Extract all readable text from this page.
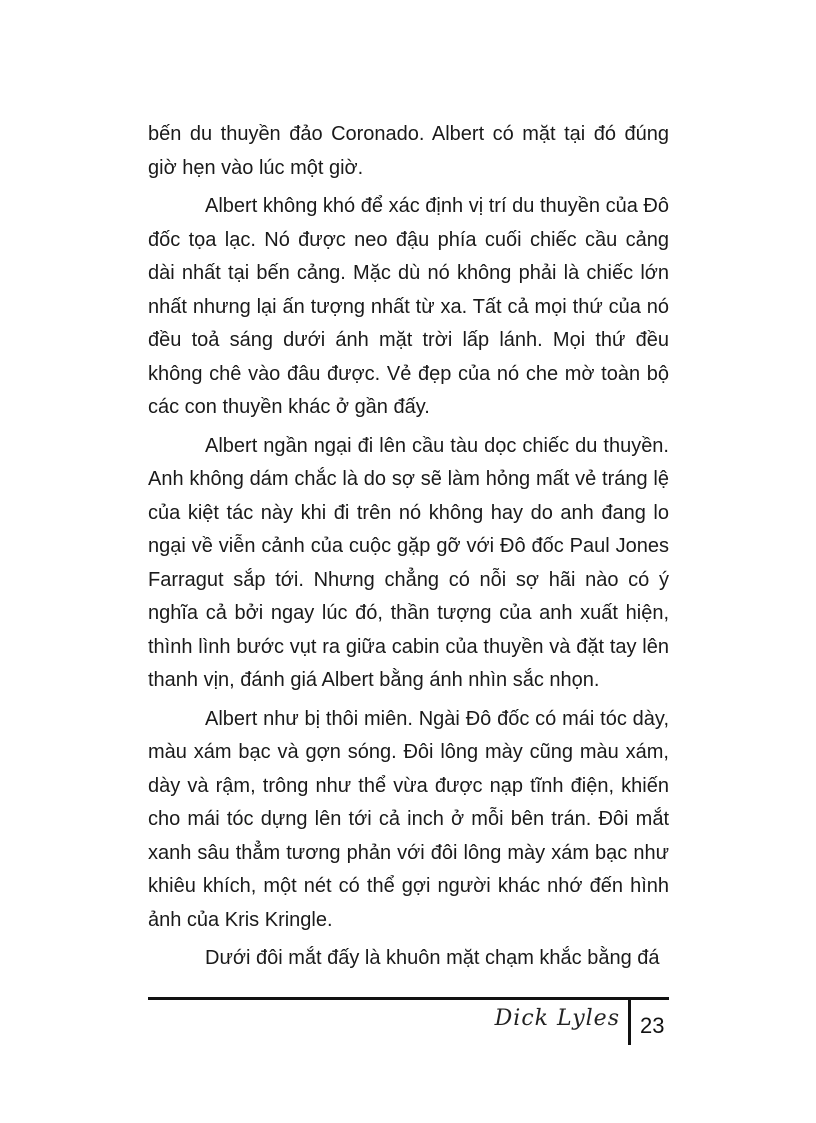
bến du thuyền đảo Coronado. Albert có mặt tại đó đúng giờ hẹn vào lúc một giờ.

Albert không khó để xác định vị trí du thuyền của Đô đốc tọa lạc. Nó được neo đậu phía cuối chiếc cầu cảng dài nhất tại bến cảng. Mặc dù nó không phải là chiếc lớn nhất nhưng lại ấn tượng nhất từ xa. Tất cả mọi thứ của nó đều toả sáng dưới ánh mặt trời lấp lánh. Mọi thứ đều không chê vào đâu được. Vẻ đẹp của nó che mờ toàn bộ các con thuyền khác ở gần đấy.

Albert ngần ngại đi lên cầu tàu dọc chiếc du thuyền. Anh không dám chắc là do sợ sẽ làm hỏng mất vẻ tráng lệ của kiệt tác này khi đi trên nó không hay do anh đang lo ngại về viễn cảnh của cuộc gặp gỡ với Đô đốc Paul Jones Farragut sắp tới. Nhưng chẳng có nỗi sợ hãi nào có ý nghĩa cả bởi ngay lúc đó, thần tượng của anh xuất hiện, thình lình bước vụt ra giữa cabin của thuyền và đặt tay lên thanh vịn, đánh giá Albert bằng ánh nhìn sắc nhọn.

Albert như bị thôi miên. Ngài Đô đốc có mái tóc dày, màu xám bạc và gợn sóng. Đôi lông mày cũng màu xám, dày và rậm, trông như thể vừa được nạp tĩnh điện, khiến cho mái tóc dựng lên tới cả inch ở mỗi bên trán. Đôi mắt xanh sâu thẳm tương phản với đôi lông mày xám bạc như khiêu khích, một nét có thể gợi người khác nhớ đến hình ảnh của Kris Kringle.

Dưới đôi mắt đấy là khuôn mặt chạm khắc bằng đá

Dick Lyles 23
